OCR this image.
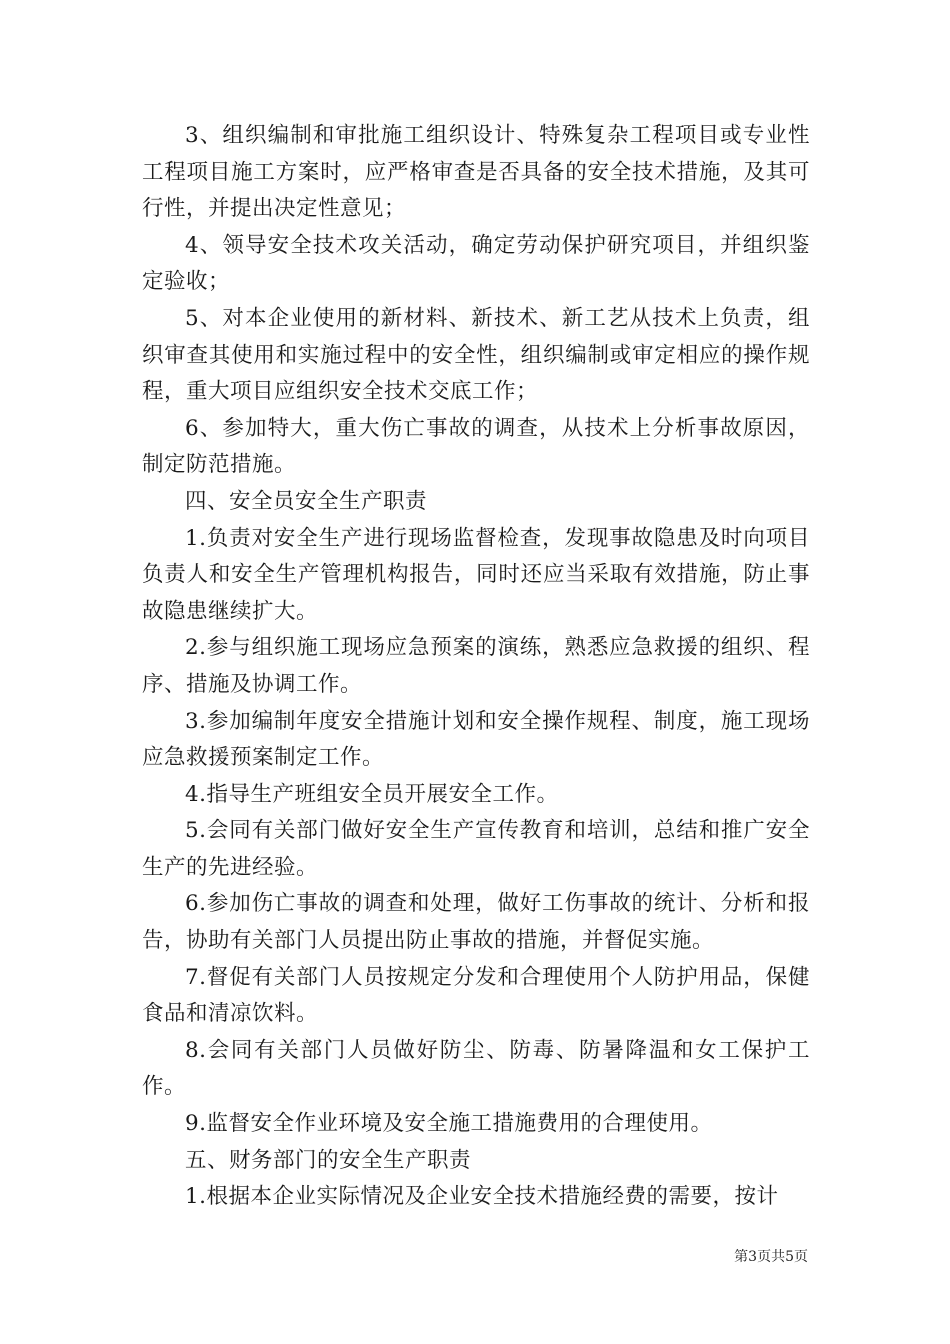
3、组织编制和审批施工组织设计、特殊复杂工程项目或专业性工程项目施工方案时，应严格审查是否具备的安全技术措施，及其可行性，并提出决定性意见；

4、领导安全技术攻关活动，确定劳动保护研究项目，并组织鉴定验收；

5、对本企业使用的新材料、新技术、新工艺从技术上负责，组织审查其使用和实施过程中的安全性，组织编制或审定相应的操作规程，重大项目应组织安全技术交底工作；

6、参加特大，重大伤亡事故的调查，从技术上分析事故原因，制定防范措施。

四、安全员安全生产职责

1.负责对安全生产进行现场监督检查，发现事故隐患及时向项目负责人和安全生产管理机构报告，同时还应当采取有效措施，防止事故隐患继续扩大。

2.参与组织施工现场应急预案的演练，熟悉应急救援的组织、程序、措施及协调工作。

3.参加编制年度安全措施计划和安全操作规程、制度，施工现场应急救援预案制定工作。

4.指导生产班组安全员开展安全工作。

5.会同有关部门做好安全生产宣传教育和培训，总结和推广安全生产的先进经验。

6.参加伤亡事故的调查和处理，做好工伤事故的统计、分析和报告，协助有关部门人员提出防止事故的措施，并督促实施。

7.督促有关部门人员按规定分发和合理使用个人防护用品，保健食品和清凉饮料。

8.会同有关部门人员做好防尘、防毒、防暑降温和女工保护工作。

9.监督安全作业环境及安全施工措施费用的合理使用。

五、财务部门的安全生产职责

1.根据本企业实际情况及企业安全技术措施经费的需要，按计

第3页共5页
